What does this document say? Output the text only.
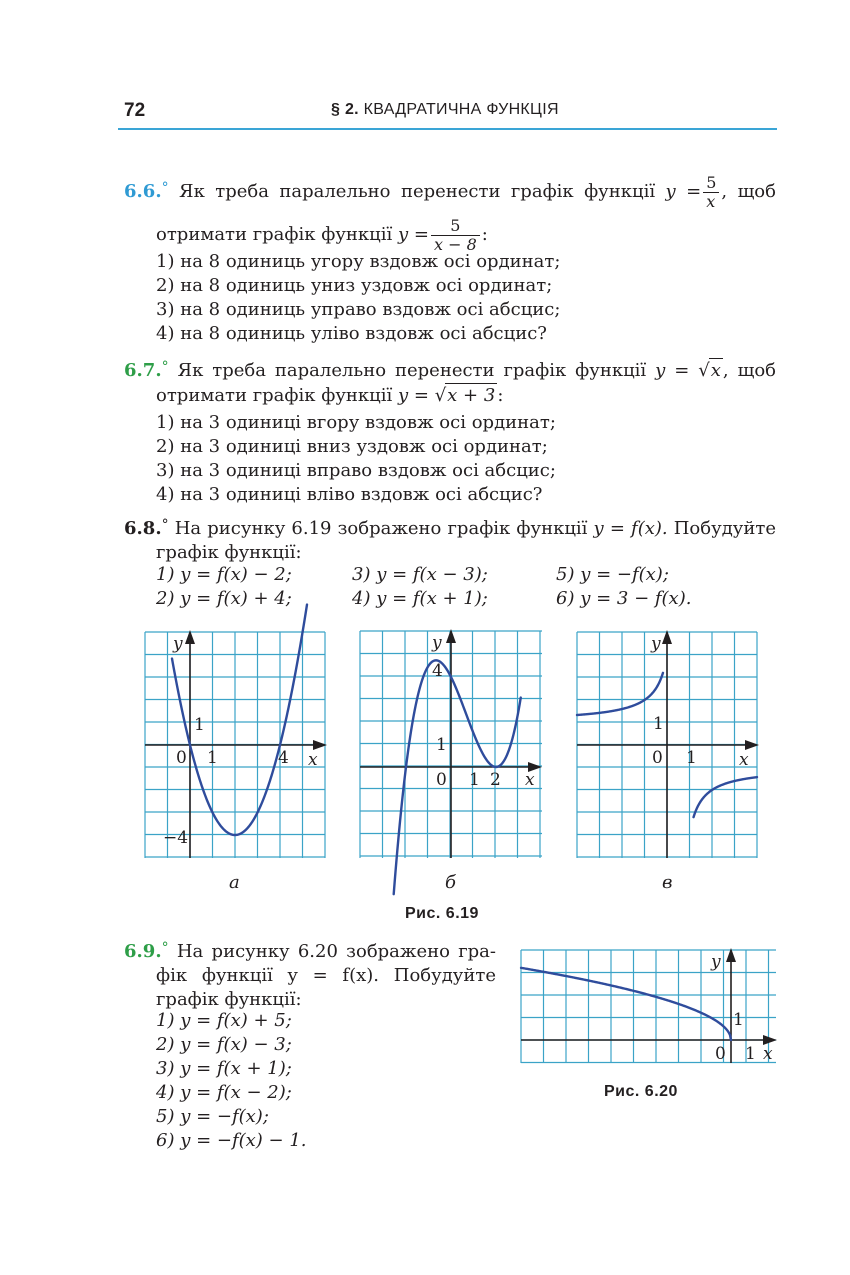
72	§ 2. КВАДРАТИЧНА ФУНКЦІЯ
6.6.° Як треба паралельно перенести графік функції $y = \frac{5}{x}$ , щоб
отримати графік функції $y = \frac{5}{x - 8}$ :
1) на 8 одиниць угору вздовж осі ординат;
2) на 8 одиниць униз уздовж осі ординат;
3) на 8 одиниць управо вздовж осі абсцис;
4) на 8 одиниць уліво вздовж осі абсцис?
6.7.° Як треба паралельно перенести графік функції y = √x , щоб
отримати графік функції y = √x + 3 :
1) на 3 одиниці вгору вздовж осі ординат;
2) на 3 одиниці вниз уздовж осі ординат;
3) на 3 одиниці вправо вздовж осі абсцис;
4) на 3 одиниці вліво вздовж осі абсцис?
6.8.° На рисунку 6.19 зображено графік функції y = f(x). Побудуйте
графік функції:
1) y = f(x) − 2;
2) y = f(x) + 4;
3) y = f(x − 3);
4) y = f(x + 1);
5) y = −f(x);
6) y = 3 − f(x).
y
x
0 1
1
4
−4
y
x
0 1 2
1
4
y
x
0 1
1
а	б	в
Рис. 6.19
6.9.° На рисунку 6.20 зображено гра-
фік функції y = f(x). Побудуйте
графік функції:
1) y = f(x) + 5;
2) y = f(x) − 3;
3) y = f(x + 1);
4) y = f(x − 2);
5) y = −f(x);
6) y = −f(x) − 1.
y
x
0 1
1
Рис. 6.20
